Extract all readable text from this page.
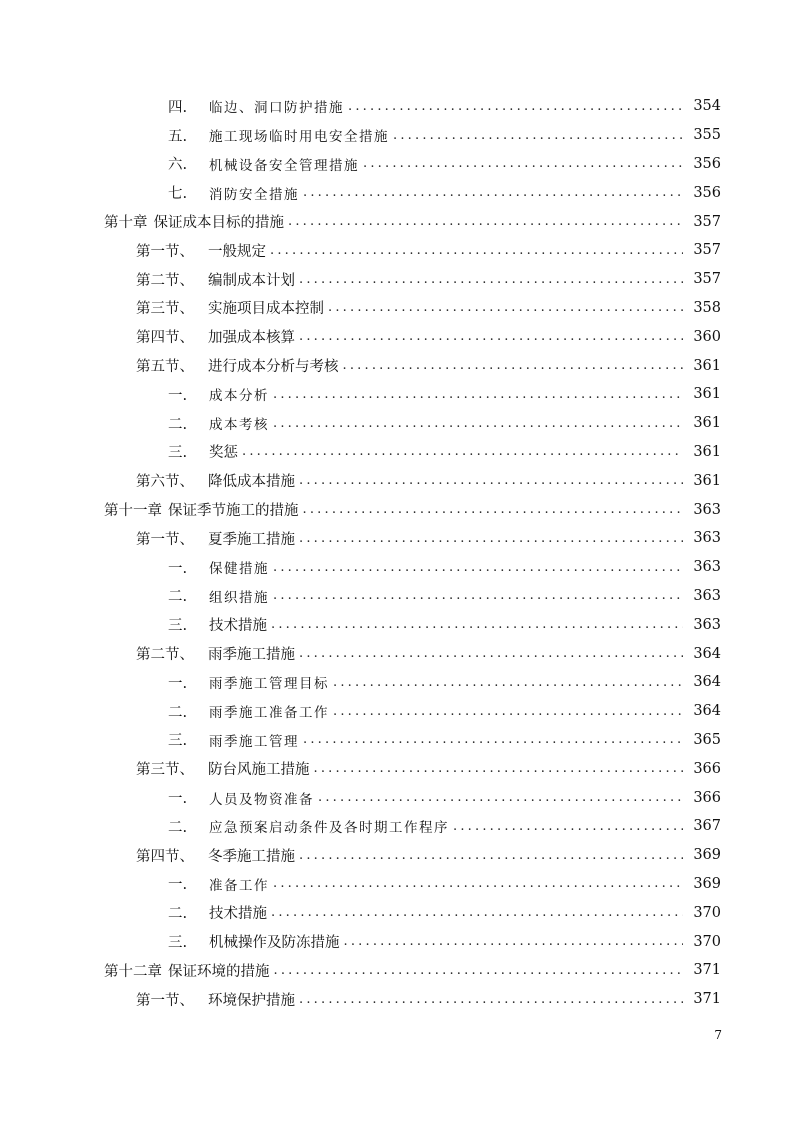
四.	临边、洞口防护措施 .....	354
五.	施工现场临时用电安全措施 .....	355
六.	机械设备安全管理措施 .....	356
七.	消防安全措施 .....	356
第十章 保证成本目标的措施 .....	357
第一节、 一般规定 .....	357
第二节、 编制成本计划 .....	357
第三节、 实施项目成本控制 .....	358
第四节、 加强成本核算 .....	360
第五节、 进行成本分析与考核 .....	361
一.	成本分析 .....	361
二.	成本考核 .....	361
三.	奖惩 .....	361
第六节、 降低成本措施 .....	361
第十一章 保证季节施工的措施 .....	363
第一节、 夏季施工措施 .....	363
一.	保健措施 .....	363
二.	组织措施 .....	363
三.	技术措施 .....	363
第二节、 雨季施工措施 .....	364
一.	雨季施工管理目标 .....	364
二.	雨季施工准备工作 .....	364
三.	雨季施工管理 .....	365
第三节、 防台风施工措施 .....	366
一.	人员及物资准备 .....	366
二.	应急预案启动条件及各时期工作程序 .....	367
第四节、 冬季施工措施 .....	369
一.	准备工作 .....	369
二.	技术措施 .....	370
三.	机械操作及防冻措施 .....	370
第十二章 保证环境的措施 .....	371
第一节、 环境保护措施 .....	371
7
